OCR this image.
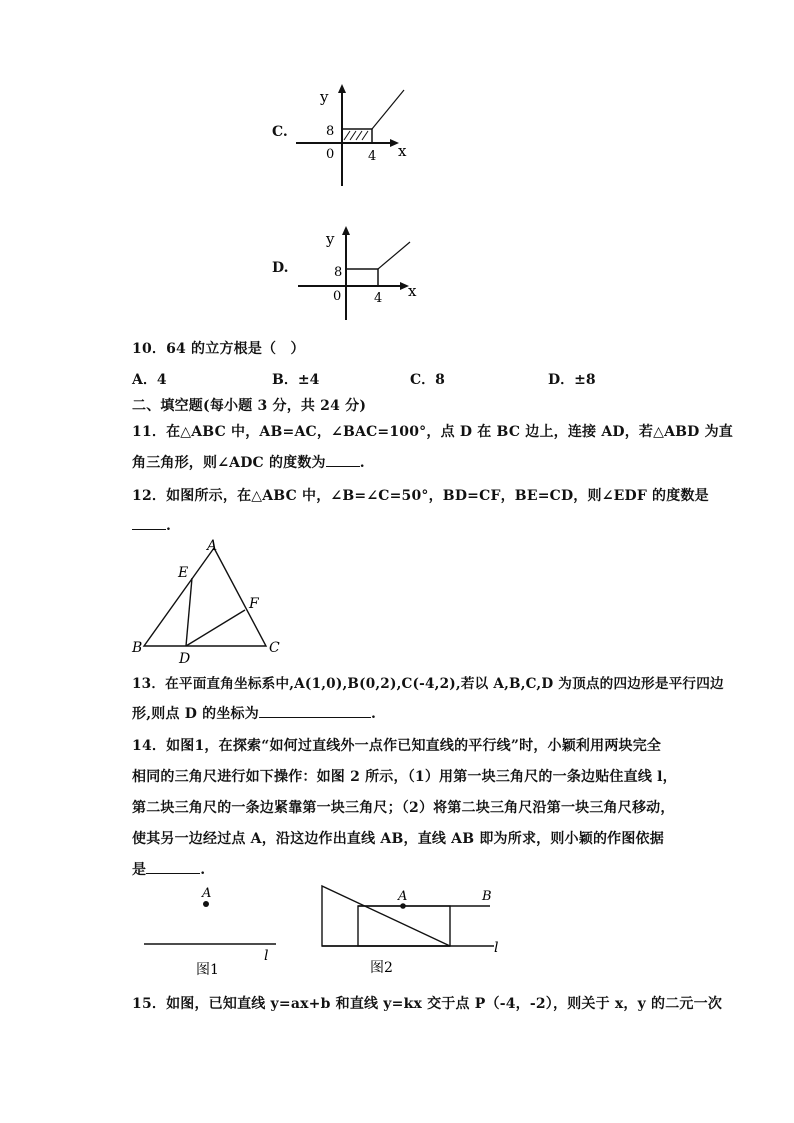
C.
y
x
8
0	4
D.
y
x
8
0	4
10．64 的立方根是（　）
A．4	B．±4	C．8	D．±8
二、填空题(每小题 3 分，共 24 分)
11．在△ABC 中，AB=AC，∠BAC=100°，点 D 在 BC 边上，连接 AD，若△ABD 为直
角三角形，则∠ADC 的度数为 .
12．如图所示，在△ABC 中，∠B=∠C=50°，BD=CF，BE=CD，则∠EDF 的度数是
.
A
E
F
B
D
C
13．在平面直角坐标系中,A(1,0),B(0,2),C(-4,2),若以 A,B,C,D 为顶点的四边形是平行四边
形,则点 D 的坐标为	.
14．如图1，在探索“如何过直线外一点作已知直线的平行线”时，小颖利用两块完全
相同的三角尺进行如下操作：如图 2 所示，（1）用第一块三角尺的一条边贴住直线 l，
第二块三角尺的一条边紧靠第一块三角尺；（2）将第二块三角尺沿第一块三角尺移动，
使其另一边经过点 A，沿这边作出直线 AB，直线 AB 即为所求，则小颖的作图依据
是	.
A
l
图1
A	B
l
图2
15．如图，已知直线 y=ax+b 和直线 y=kx 交于点 P（-4，-2），则关于 x，y 的二元一次
